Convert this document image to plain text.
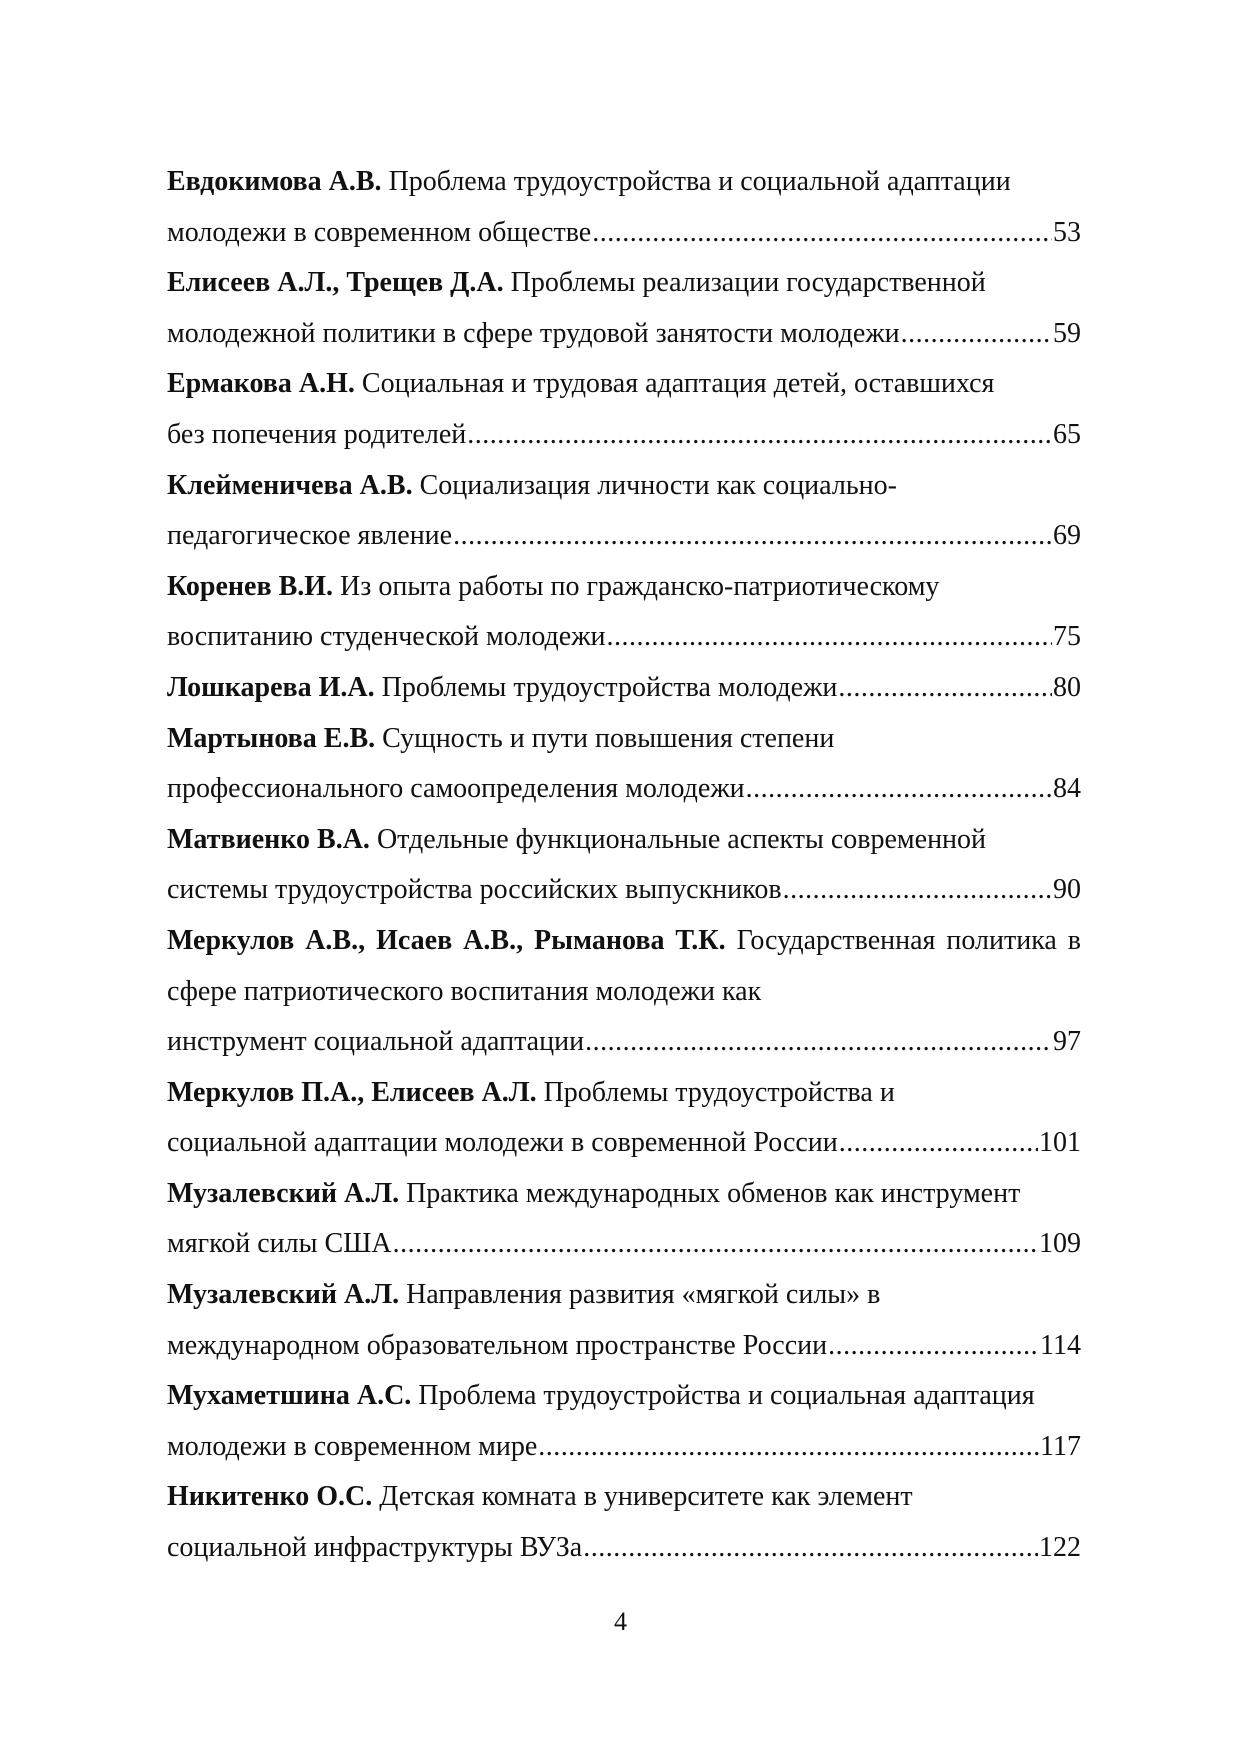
Евдокимова А.В. Проблема трудоустройства и социальной адаптации
молодежи в современном обществе .....	53
Елисеев А.Л., Трещев Д.А. Проблемы реализации государственной
молодежной политики в сфере трудовой занятости молодежи .....	59
Ермакова А.Н. Социальная и трудовая адаптация детей, оставшихся
без попечения родителей .....	65
Клейменичева А.В. Социализация личности как социально-
педагогическое явление .....	69
Коренев В.И. Из опыта работы по гражданско-патриотическому
воспитанию студенческой молодежи .....	75
Лошкарева И.А. Проблемы трудоустройства молодежи .....	80
Мартынова Е.В. Сущность и пути повышения степени
профессионального самоопределения молодежи .....	84
Матвиенко В.А. Отдельные функциональные аспекты современной
системы трудоустройства российских выпускников .....	90
Меркулов А.В., Исаев А.В., Рыманова Т.К. Государственная политика в сфере патриотического воспитания молодежи как
инструмент социальной адаптации .....	97
Меркулов П.А., Елисеев А.Л. Проблемы трудоустройства и
социальной адаптации молодежи в современной России .....	101
Музалевский А.Л. Практика международных обменов как инструмент
мягкой силы США .....	109
Музалевский А.Л. Направления развития «мягкой силы» в
международном образовательном пространстве России .....	114
Мухаметшина А.С. Проблема трудоустройства и социальная адаптация
молодежи в современном мире .....	117
Никитенко О.С. Детская комната в университете как элемент
социальной инфраструктуры ВУЗа .....	122
4
